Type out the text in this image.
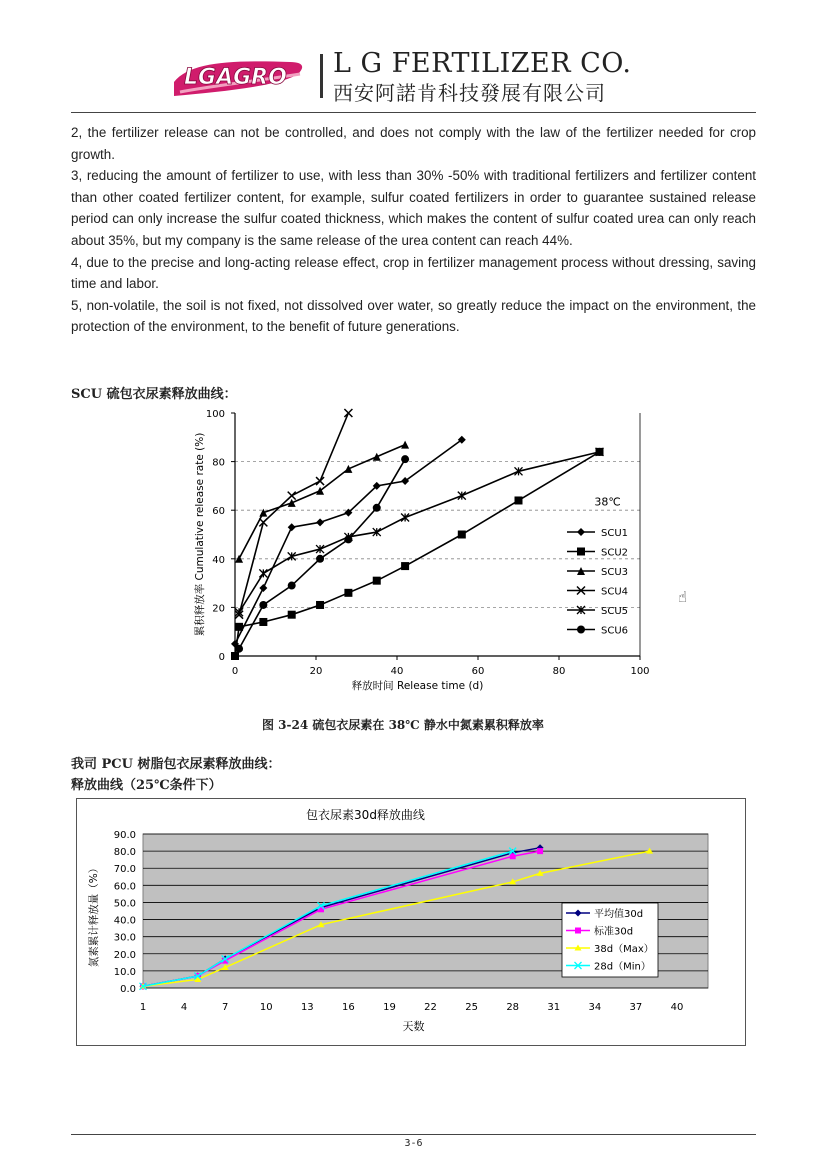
LGAGRO L G FERTILIZER CO.
西安阿諾肯科技發展有限公司

2, the fertilizer release can not be controlled, and does not comply with the law of the fertilizer needed for crop growth.

3, reducing the amount of fertilizer to use, with less than 30% -50% with traditional fertilizers and fertilizer content than other coated fertilizer content, for example, sulfur coated fertilizers in order to guarantee sustained release period can only increase the sulfur coated thickness, which makes the content of sulfur coated urea can only reach about 35%, but my company is the same release of the urea content can reach 44%.

4, due to the precise and long-acting release effect, crop in fertilizer management process without dressing, saving time and labor.

5, non-volatile, the soil is not fixed, not dissolved over water, so greatly reduce the impact on the environment, the protection of the environment, to the benefit of future generations.

SCU 硫包衣尿素释放曲线：
0
20
40
60
80
100
0	20	40	60	80	100
释放时间 Release time (d)
累积释放率 Cumulative release rate (%)	38℃
SCU1
SCU2
SCU3
SCU4
SCU5
SCU6
☝
图 3-24 硫包衣尿素在 38℃ 静水中氮素累积释放率
我司 PCU 树脂包衣尿素释放曲线：
释放曲线（25℃条件下）
包衣尿素30d释放曲线
0.0
10.0
20.0
30.0
40.0
50.0
60.0
70.0
80.0
90.0
1	4	7	10	13	16	19	22	25	28	31	34	37	40
天数
氮素累计释放量（%）	平均值30d
标准30d
38d（Max）
28d（Min）
3-6
